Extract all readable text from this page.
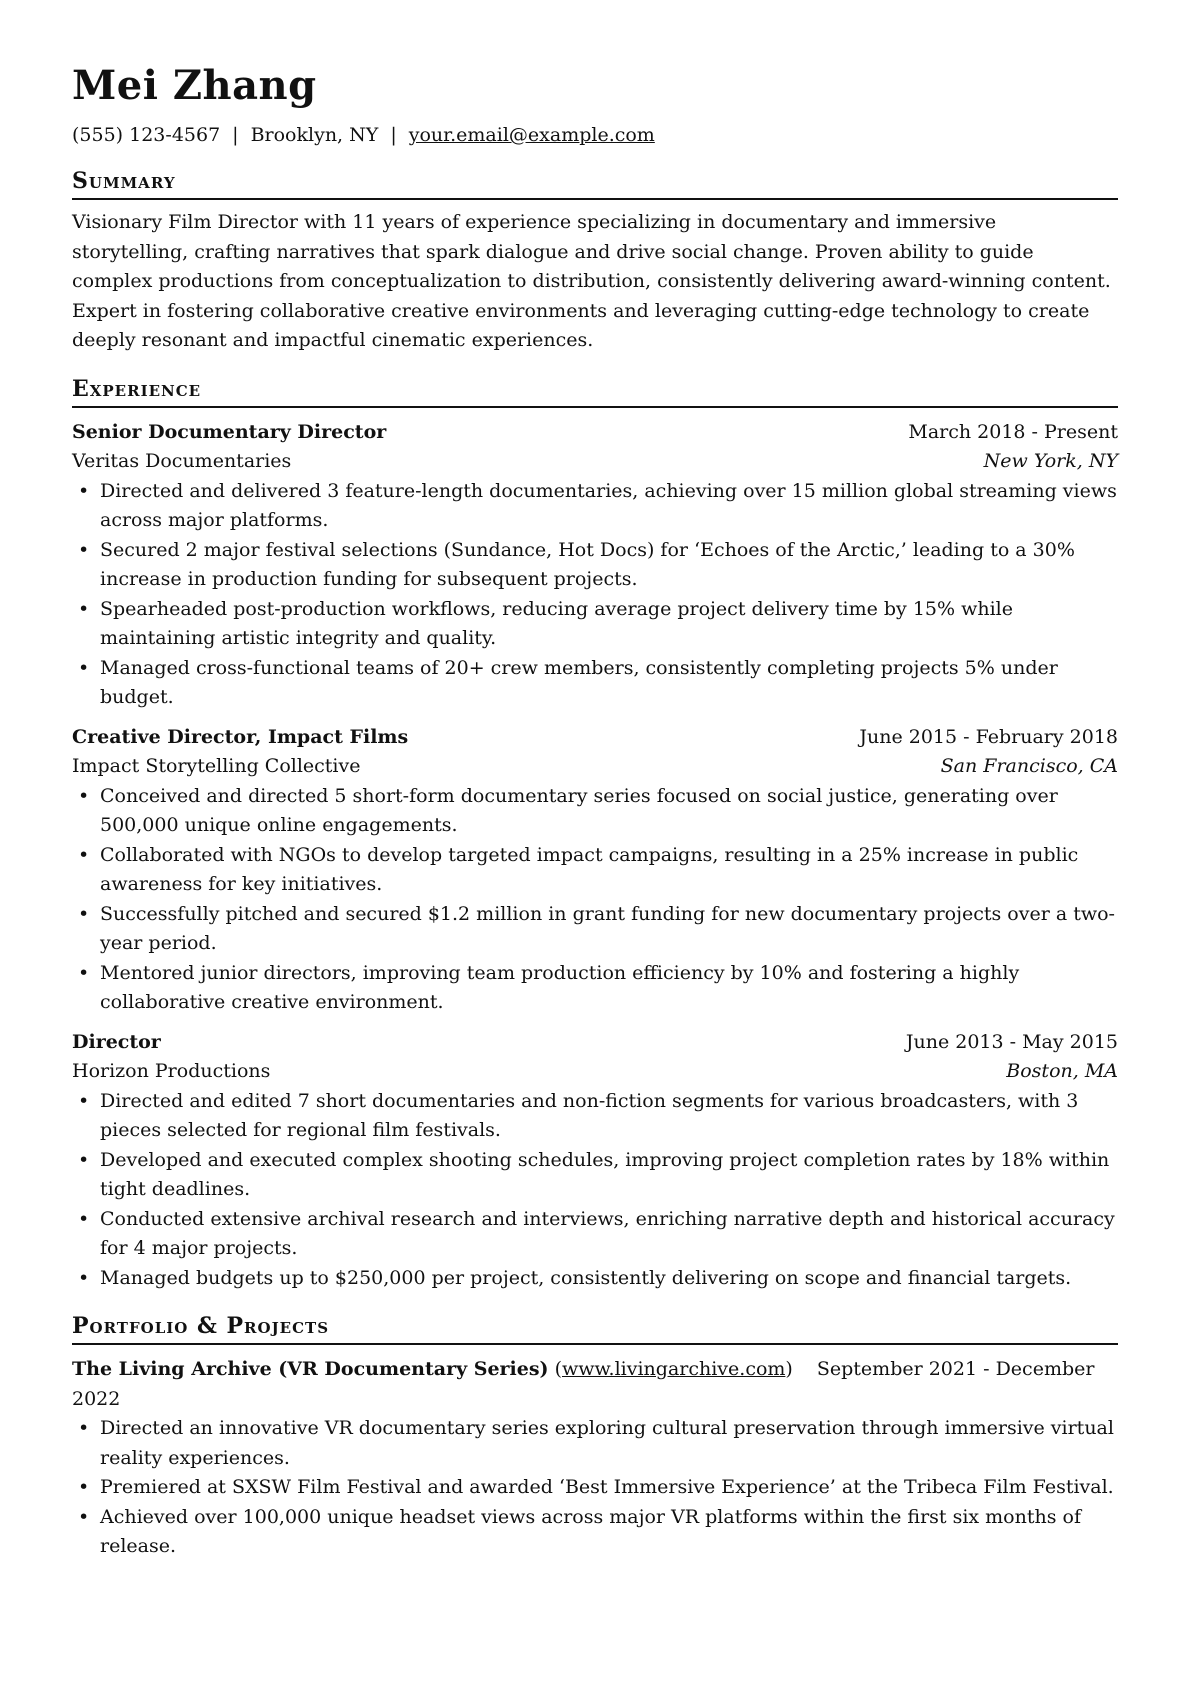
Mei Zhang
(555) 123-4567 | Brooklyn, NY | your.email@example.com
Summary
Visionary Film Director with 11 years of experience specializing in documentary and immersive storytelling, crafting narratives that spark dialogue and drive social change. Proven ability to guide complex productions from conceptualization to distribution, consistently delivering award-winning content. Expert in fostering collaborative creative environments and leveraging cutting-edge technology to create deeply resonant and impactful cinematic experiences.
Experience
Senior Documentary Director	March 2018 - Present
Veritas Documentaries	New York, NY
• Directed and delivered 3 feature-length documentaries, achieving over 15 million global streaming views across major platforms.
• Secured 2 major festival selections (Sundance, Hot Docs) for ‘Echoes of the Arctic,’ leading to a 30% increase in production funding for subsequent projects.
• Spearheaded post-production workflows, reducing average project delivery time by 15% while maintaining artistic integrity and quality.
• Managed cross-functional teams of 20+ crew members, consistently completing projects 5% under budget.
Creative Director, Impact Films	June 2015 - February 2018
Impact Storytelling Collective	San Francisco, CA
• Conceived and directed 5 short-form documentary series focused on social justice, generating over 500,000 unique online engagements.
• Collaborated with NGOs to develop targeted impact campaigns, resulting in a 25% increase in public awareness for key initiatives.
• Successfully pitched and secured $1.2 million in grant funding for new documentary projects over a two-year period.
• Mentored junior directors, improving team production efficiency by 10% and fostering a highly collaborative creative environment.
Director	June 2013 - May 2015
Horizon Productions	Boston, MA
• Directed and edited 7 short documentaries and non-fiction segments for various broadcasters, with 3 pieces selected for regional film festivals.
• Developed and executed complex shooting schedules, improving project completion rates by 18% within tight deadlines.
• Conducted extensive archival research and interviews, enriching narrative depth and historical accuracy for 4 major projects.
• Managed budgets up to $250,000 per project, consistently delivering on scope and financial targets.
Portfolio & Projects
The Living Archive (VR Documentary Series) (www.livingarchive.com) September 2021 - December 2022
• Directed an innovative VR documentary series exploring cultural preservation through immersive virtual reality experiences.
• Premiered at SXSW Film Festival and awarded ‘Best Immersive Experience’ at the Tribeca Film Festival.
• Achieved over 100,000 unique headset views across major VR platforms within the first six months of release.
